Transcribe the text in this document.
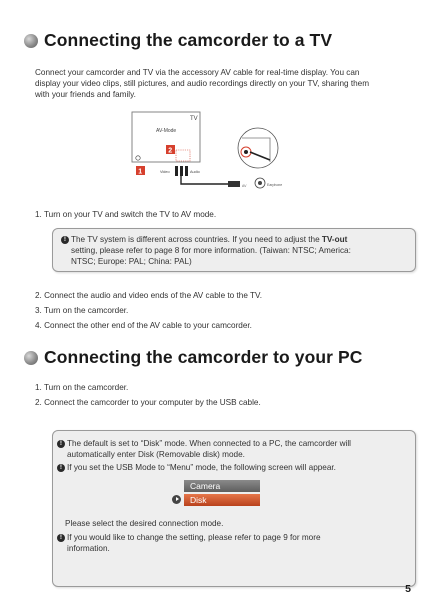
Connecting the camcorder to a TV
Connect your camcorder and TV via the accessory AV cable for real-time display. You can
display your video clips, still pictures, and audio recordings directly on your TV, sharing them
with your friends and family.
TV
AV-Mode
2
1	Video	Audio
AV	Earphone
1. Turn on your TV and switch the TV to AV mode.
! The TV system is different across countries. If you need to adjust the TV-out
setting, please refer to page 8 for more information. (Taiwan: NTSC; America:
NTSC; Europe: PAL; China: PAL)
2. Connect the audio and video ends of the AV cable to the TV.
3. Turn on the camcorder.
4. Connect the other end of the AV cable to your camcorder.
Connecting the camcorder to your PC
1. Turn on the camcorder.
2. Connect the camcorder to your computer by the USB cable.
! The default is set to “Disk” mode. When connected to a PC, the camcorder will
automatically enter Disk (Removable disk) mode.
! If you set the USB Mode to “Menu” mode, the following screen will appear.
Please select the desired connection mode.
! If you would like to change the setting, please refer to page 9 for more
information.
Camera
Disk
5
